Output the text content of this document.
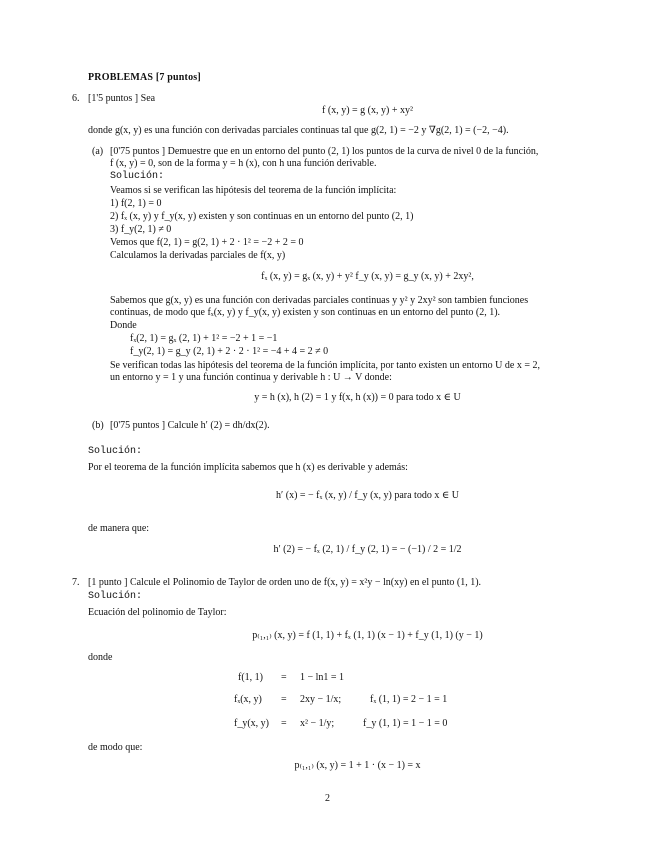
PROBLEMAS [7 puntos]
6. [1'5 puntos ] Sea
f (x, y) = g (x, y) + xy²
donde g(x, y) es una función con derivadas parciales continuas tal que g(2, 1) = −2 y ∇g(2, 1) = (−2, −4).
(a) [0'75 puntos ] Demuestre que en un entorno del punto (2, 1) los puntos de la curva de nivel 0 de la función,
f (x, y) = 0, son de la forma y = h (x), con h una función derivable.
Solución:
Veamos si se verifican las hipótesis del teorema de la función implícita:
1) f(2, 1) = 0
2) fₓ (x, y) y f_y(x, y) existen y son continuas en un entorno del punto (2, 1)
3) f_y(2, 1) ≠ 0
Vemos que f(2, 1) = g(2, 1) + 2 · 1² = −2 + 2 = 0
Calculamos la derivadas parciales de f(x, y)
fₓ (x, y) = gₓ (x, y) + y² f_y (x, y) = g_y (x, y) + 2xy²,
Sabemos que g(x, y) es una función con derivadas parciales continuas y y² y 2xy² son tambien funciones
continuas, de modo que fₓ(x, y) y f_y(x, y) existen y son continuas en un entorno del punto (2, 1).
Donde
fₓ(2, 1) = gₓ (2, 1) + 1² = −2 + 1 = −1
f_y(2, 1) = g_y (2, 1) + 2 · 2 · 1² = −4 + 4 = 2 ≠ 0
Se verifican todas las hipótesis del teorema de la función implícita, por tanto existen un entorno U de x = 2,
un entorno y = 1 y una función continua y derivable h : U → V donde:
y = h (x), h (2) = 1 y f(x, h (x)) = 0 para todo x ∈ U
(b) [0'75 puntos ] Calcule h′ (2) = dh/dx(2).
Solución:
Por el teorema de la función implícita sabemos que h (x) es derivable y además:
h′ (x) = − fₓ (x, y) / f_y (x, y) para todo x ∈ U
de manera que:
h′ (2) = − fₓ (2, 1) / f_y (2, 1) = − (−1) / 2 = 1/2
7. [1 punto ] Calcule el Polinomio de Taylor de orden uno de f(x, y) = x²y − ln(xy) en el punto (1, 1).
Solución:
Ecuación del polinomio de Taylor:
p₍₁,₁₎ (x, y) = f (1, 1) + fₓ (1, 1) (x − 1) + f_y (1, 1) (y − 1)
donde
f(1, 1) = 1 − ln1 = 1
fₓ(x, y) = 2xy − 1/x;	fₓ (1, 1) = 2 − 1 = 1
f_y(x, y) = x² − 1/y;	f_y (1, 1) = 1 − 1 = 0
de modo que:
p₍₁,₁₎ (x, y) = 1 + 1 · (x − 1) = x
2
